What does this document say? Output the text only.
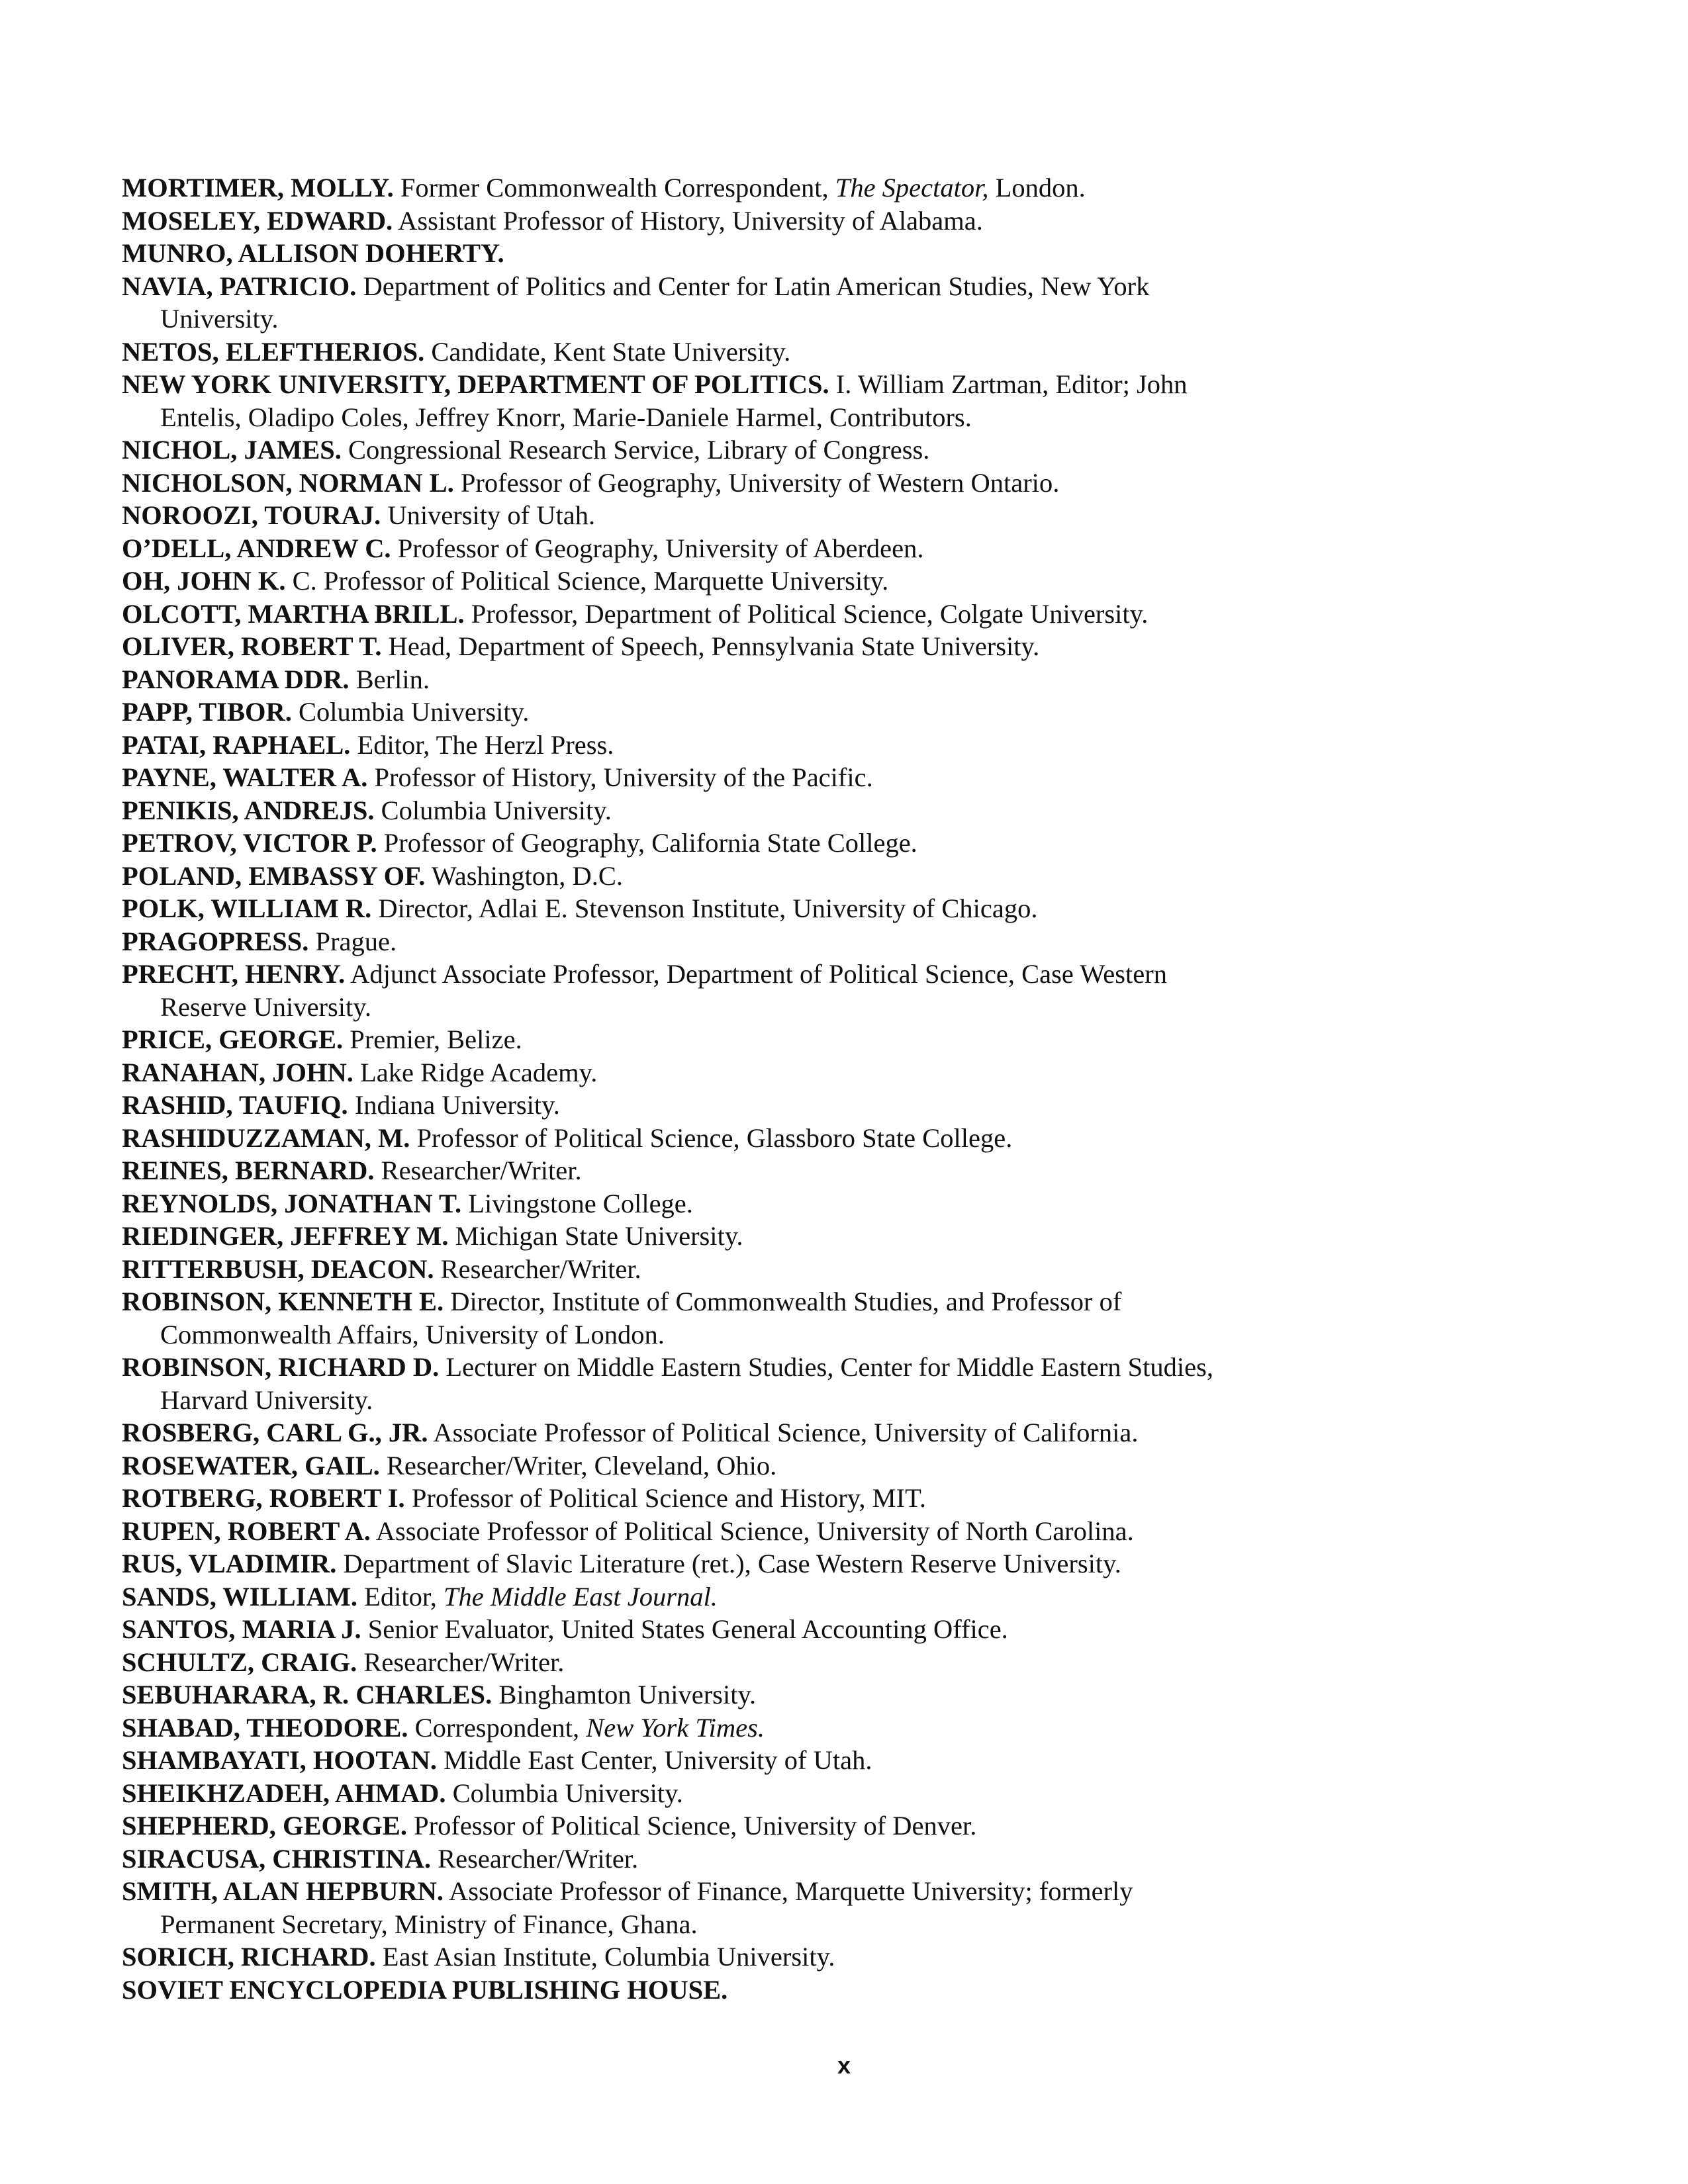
MORTIMER, MOLLY. Former Commonwealth Correspondent, The Spectator, London.

MOSELEY, EDWARD. Assistant Professor of History, University of Alabama.

MUNRO, ALLISON DOHERTY.

NAVIA, PATRICIO. Department of Politics and Center for Latin American Studies, New York University.

NETOS, ELEFTHERIOS. Candidate, Kent State University.

NEW YORK UNIVERSITY, DEPARTMENT OF POLITICS. I. William Zartman, Editor; John Entelis, Oladipo Coles, Jeffrey Knorr, Marie-Daniele Harmel, Contributors.

NICHOL, JAMES. Congressional Research Service, Library of Congress.

NICHOLSON, NORMAN L. Professor of Geography, University of Western Ontario.

NOROOZI, TOURAJ. University of Utah.

O’DELL, ANDREW C. Professor of Geography, University of Aberdeen.

OH, JOHN K. C. Professor of Political Science, Marquette University.

OLCOTT, MARTHA BRILL. Professor, Department of Political Science, Colgate University.

OLIVER, ROBERT T. Head, Department of Speech, Pennsylvania State University.

PANORAMA DDR. Berlin.

PAPP, TIBOR. Columbia University.

PATAI, RAPHAEL. Editor, The Herzl Press.

PAYNE, WALTER A. Professor of History, University of the Pacific.

PENIKIS, ANDREJS. Columbia University.

PETROV, VICTOR P. Professor of Geography, California State College.

POLAND, EMBASSY OF. Washington, D.C.

POLK, WILLIAM R. Director, Adlai E. Stevenson Institute, University of Chicago.

PRAGOPRESS. Prague.

PRECHT, HENRY. Adjunct Associate Professor, Department of Political Science, Case Western Reserve University.

PRICE, GEORGE. Premier, Belize.

RANAHAN, JOHN. Lake Ridge Academy.

RASHID, TAUFIQ. Indiana University.

RASHIDUZZAMAN, M. Professor of Political Science, Glassboro State College.

REINES, BERNARD. Researcher/Writer.

REYNOLDS, JONATHAN T. Livingstone College.

RIEDINGER, JEFFREY M. Michigan State University.

RITTERBUSH, DEACON. Researcher/Writer.

ROBINSON, KENNETH E. Director, Institute of Commonwealth Studies, and Professor of Commonwealth Affairs, University of London.

ROBINSON, RICHARD D. Lecturer on Middle Eastern Studies, Center for Middle Eastern Studies, Harvard University.

ROSBERG, CARL G., JR. Associate Professor of Political Science, University of California.

ROSEWATER, GAIL. Researcher/Writer, Cleveland, Ohio.

ROTBERG, ROBERT I. Professor of Political Science and History, MIT.

RUPEN, ROBERT A. Associate Professor of Political Science, University of North Carolina.

RUS, VLADIMIR. Department of Slavic Literature (ret.), Case Western Reserve University.

SANDS, WILLIAM. Editor, The Middle East Journal.

SANTOS, MARIA J. Senior Evaluator, United States General Accounting Office.

SCHULTZ, CRAIG. Researcher/Writer.

SEBUHARARA, R. CHARLES. Binghamton University.

SHABAD, THEODORE. Correspondent, New York Times.

SHAMBAYATI, HOOTAN. Middle East Center, University of Utah.

SHEIKHZADEH, AHMAD. Columbia University.

SHEPHERD, GEORGE. Professor of Political Science, University of Denver.

SIRACUSA, CHRISTINA. Researcher/Writer.

SMITH, ALAN HEPBURN. Associate Professor of Finance, Marquette University; formerly Permanent Secretary, Ministry of Finance, Ghana.

SORICH, RICHARD. East Asian Institute, Columbia University.

SOVIET ENCYCLOPEDIA PUBLISHING HOUSE.

x
